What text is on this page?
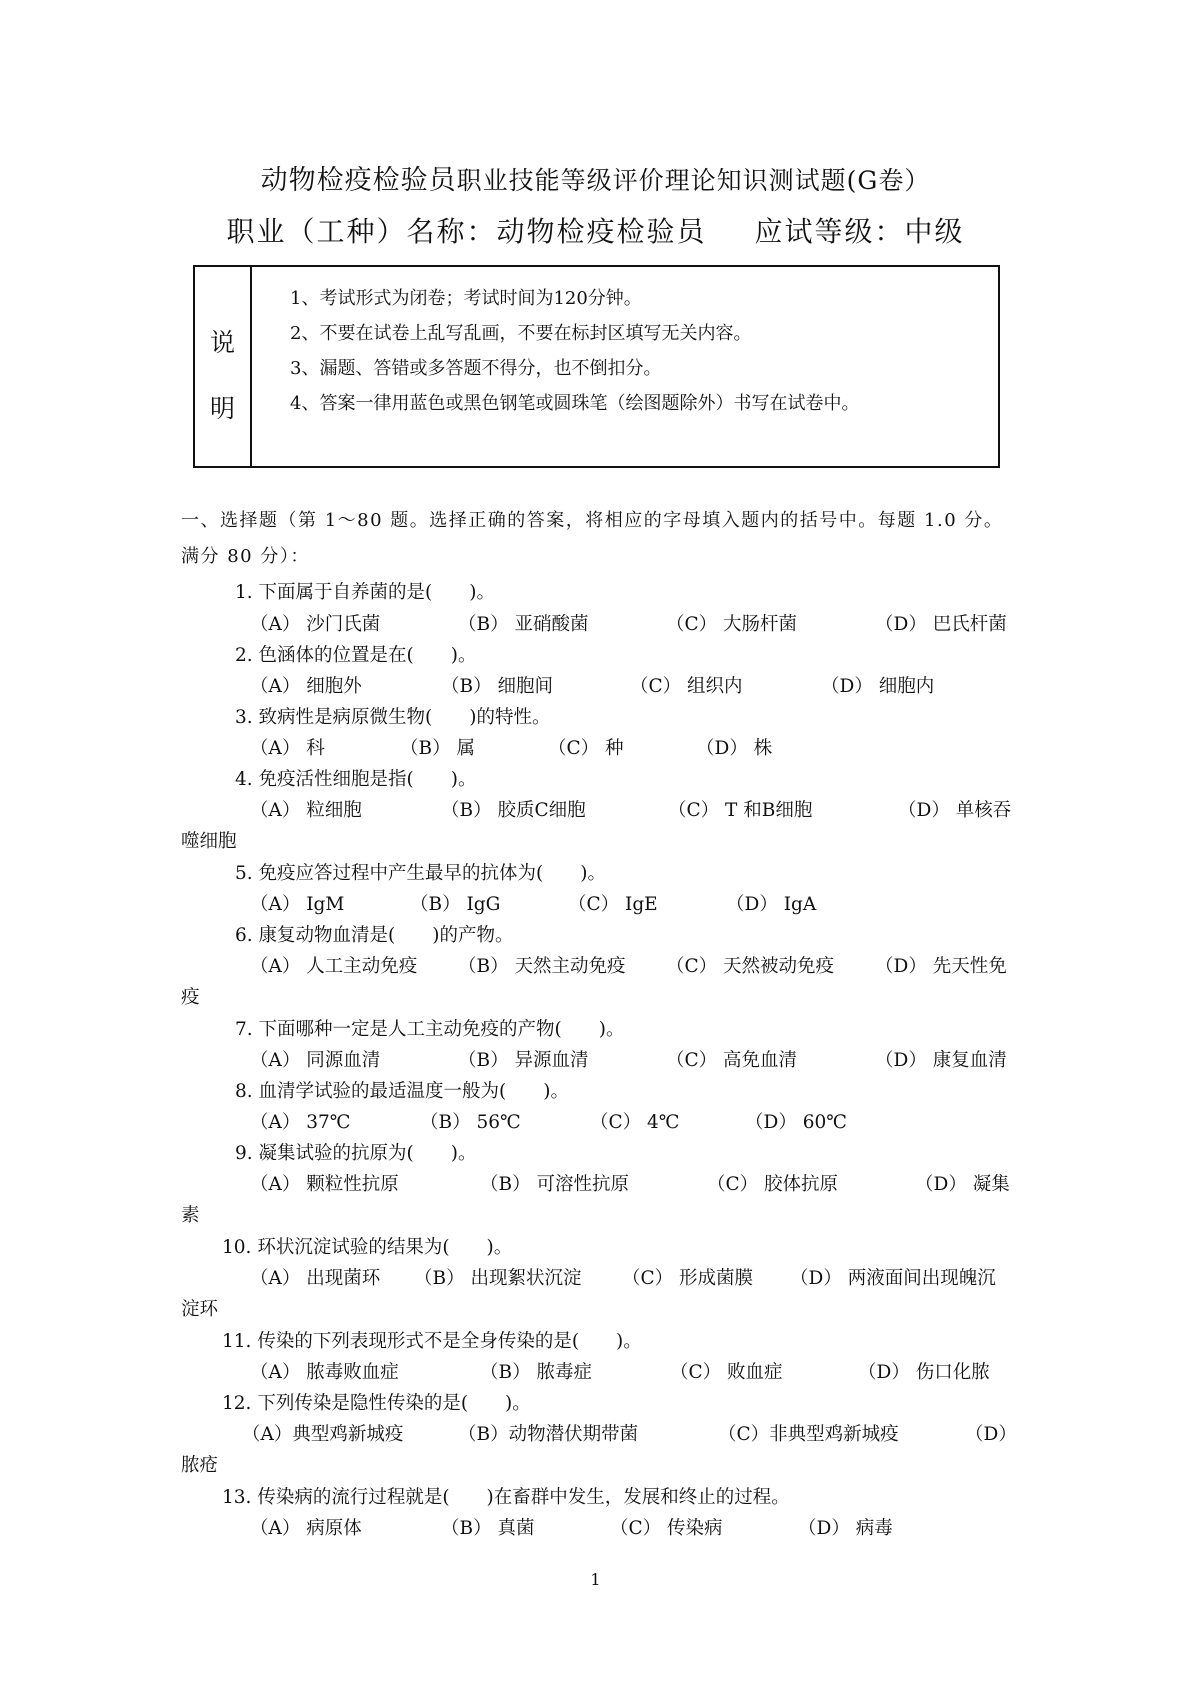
动物检疫检验员职业技能等级评价理论知识测试题(G卷）
职业（工种）名称：动物检疫检验员 应试等级：中级
说
明
1、考试形式为闭卷；考试时间为120分钟。
2、不要在试卷上乱写乱画，不要在标封区填写无关内容。
3、漏题、答错或多答题不得分，也不倒扣分。
4、答案一律用蓝色或黑色钢笔或圆珠笔（绘图题除外）书写在试卷中。
一、选择题（第 1～80 题。选择正确的答案，将相应的字母填入题内的括号中。每题 1.0 分。满分 80 分）：
1. 下面属于自养菌的是(　　)。
（A） 沙门氏菌	（B） 亚硝酸菌	（C） 大肠杆菌	（D） 巴氏杆菌
2. 色涵体的位置是在(　　)。
（A） 细胞外	（B） 细胞间	（C） 组织内	（D） 细胞内
3. 致病性是病原微生物(　　)的特性。
（A） 科	（B） 属	（C） 种	（D） 株
4. 免疫活性细胞是指(　　)。
（A） 粒细胞	（B） 胶质C细胞	（C） T 和B细胞	（D） 单核吞
噬细胞
5. 免疫应答过程中产生最早的抗体为(　　)。
（A） IgM	（B） IgG	（C） IgE	（D） IgA
6. 康复动物血清是(　　)的产物。
（A） 人工主动免疫 （B） 天然主动免疫 （C） 天然被动免疫 （D） 先天性免
疫
7. 下面哪种一定是人工主动免疫的产物(　　)。
（A） 同源血清	（B） 异源血清	（C） 高免血清	（D） 康复血清
8. 血清学试验的最适温度一般为(　　)。
（A） 37℃	（B） 56℃	（C） 4℃	（D） 60℃
9. 凝集试验的抗原为(　　)。
（A） 颗粒性抗原	（B） 可溶性抗原	（C） 胶体抗原	（D） 凝集
素
10. 环状沉淀试验的结果为(　　)。
（A） 出现菌环 （B） 出现絮状沉淀 （C） 形成菌膜 （D） 两液面间出现魄沉
淀环
11. 传染的下列表现形式不是全身传染的是(　　)。
（A） 脓毒败血症	（B） 脓毒症	（C） 败血症	（D） 伤口化脓
12. 下列传染是隐性传染的是(　　)。
（A）典型鸡新城疫	（B）动物潜伏期带菌	（C）非典型鸡新城疫	（D）
脓疮
13. 传染病的流行过程就是(　　)在畜群中发生，发展和终止的过程。
（A） 病原体	（B） 真菌	（C） 传染病	（D） 病毒
1
